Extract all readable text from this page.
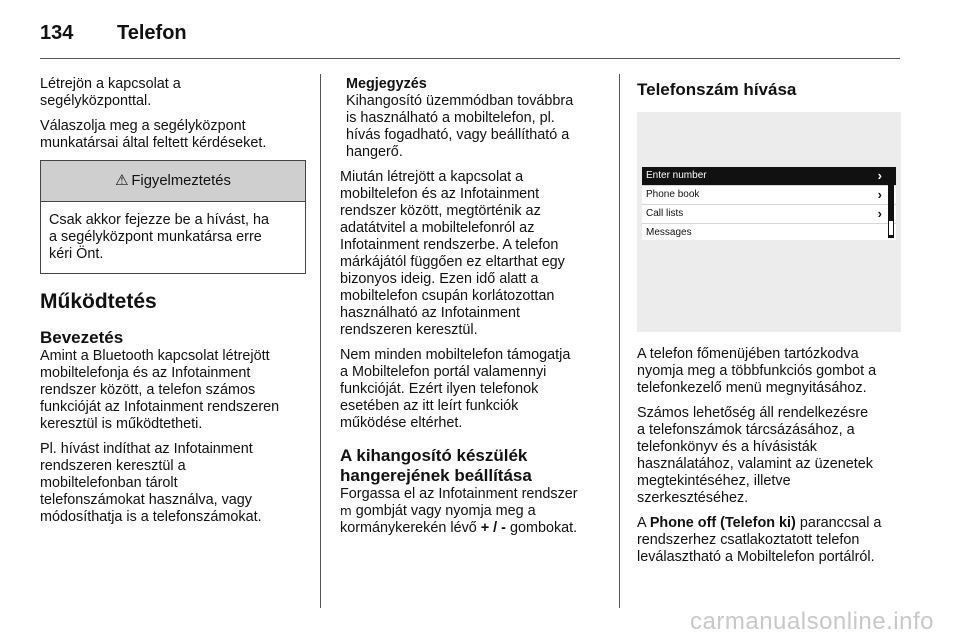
134 Telefon

Létrejön a kapcsolat a
segélyközponttal.

Válaszolja meg a segélyközpont
munkatársai által feltett kérdéseket.

⚠ Figyelmeztetés
Csak akkor fejezze be a hívást, ha
a segélyközpont munkatársa erre
kéri Önt.
Működtetés
Bevezetés

Amint a Bluetooth kapcsolat létrejött
mobiltelefonja és az Infotainment
rendszer között, a telefon számos
funkcióját az Infotainment rendszeren
keresztül is működtetheti.

Pl. hívást indíthat az Infotainment
rendszeren keresztül a
mobiltelefonban tárolt
telefonszámokat használva, vagy
módosíthatja is a telefonszámokat.

Megjegyzés
Kihangosító üzemmódban továbbra
is használható a mobiltelefon, pl.
hívás fogadható, vagy beállítható a
hangerő.

Miután létrejött a kapcsolat a
mobiltelefon és az Infotainment
rendszer között, megtörténik az
adatátvitel a mobiltelefonról az
Infotainment rendszerbe. A telefon
márkájától függően ez eltarthat egy
bizonyos ideig. Ezen idő alatt a
mobiltelefon csupán korlátozottan
használható az Infotainment
rendszeren keresztül.

Nem minden mobiltelefon támogatja
a Mobiltelefon portál valamennyi
funkcióját. Ezért ilyen telefonok
esetében az itt leírt funkciók
működése eltérhet.

A kihangosító készülék
hangerejének beállítása

Forgassa el az Infotainment rendszer
m gombját vagy nyomja meg a
kormánykerekén lévő + / - gombokat.

Telefonszám hívása
Enter number	›
Phone book	›
Call lists	›
Messages

A telefon főmenüjében tartózkodva
nyomja meg a többfunkciós gombot a
telefonkezelő menü megnyitásához.

Számos lehetőség áll rendelkezésre
a telefonszámok tárcsázásához, a
telefonkönyv és a hívásisták
használatához, valamint az üzenetek
megtekintéséhez, illetve
szerkesztéséhez.

A Phone off (Telefon ki) paranccsal a
rendszerhez csatlakoztatott telefon
leválasztható a Mobiltelefon portálról.

carmanualsonline.info
